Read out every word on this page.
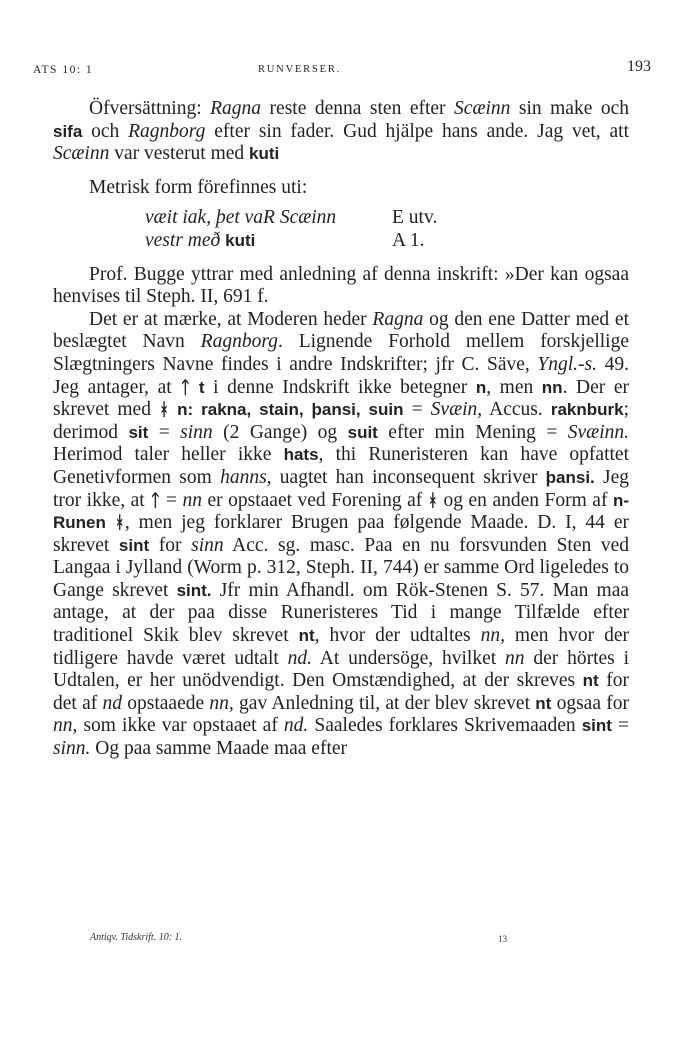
ATS 10: 1	RUNVERSER.	193

Öfversättning: Ragna reste denna sten efter Scæinn sin make och sifa och Ragnborg efter sin fader. Gud hjälpe hans ande. Jag vet, att Scæinn var vesterut med kuti

Metrisk form förefinnes uti:

væit iak, þet vaR Scæinn	E utv.
vestr með kuti	A 1.

Prof. Bugge yttrar med anledning af denna inskrift: »Der kan ogsaa henvises til Steph. II, 691 f.

Det er at mærke, at Moderen heder Ragna og den ene Datter med et beslægtet Navn Ragnborg. Lignende Forhold mellem forskjellige Slægtningers Navne findes i andre Indskrifter; jfr C. Säve, Yngl.-s. 49. Jeg antager, at ᛏ t i denne Indskrift ikke betegner n, men nn. Der er skrevet med ᚼ n: rakna, stain, þansi, suin = Svæin, Accus. raknburk; derimod sit = sinn (2 Gange) og suit efter min Mening = Svæinn. Herimod taler heller ikke hats, thi Runeristeren kan have opfattet Genetivformen som hanns, uagtet han inconsequent skriver þansi. Jeg tror ikke, at ᛏ = nn er opstaaet ved Forening af ᚼ og en anden Form af n-Runen ᚼ, men jeg forklarer Brugen paa følgende Maade. D. I, 44 er skrevet sint for sinn Acc. sg. masc. Paa en nu forsvunden Sten ved Langaa i Jylland (Worm p. 312, Steph. II, 744) er samme Ord ligeledes to Gange skrevet sint. Jfr min Afhandl. om Rök-Stenen S. 57. Man maa antage, at der paa disse Runeristeres Tid i mange Tilfælde efter traditionel Skik blev skrevet nt, hvor der udtaltes nn, men hvor der tidligere havde været udtalt nd. At undersöge, hvilket nn der hörtes i Udtalen, er her unödvendigt. Den Omstændighed, at der skreves nt for det af nd opstaaede nn, gav Anledning til, at der blev skrevet nt ogsaa for nn, som ikke var opstaaet af nd. Saaledes forklares Skrivemaaden sint = sinn. Og paa samme Maade maa efter

Antiqv. Tidskrift. 10: 1.	13
